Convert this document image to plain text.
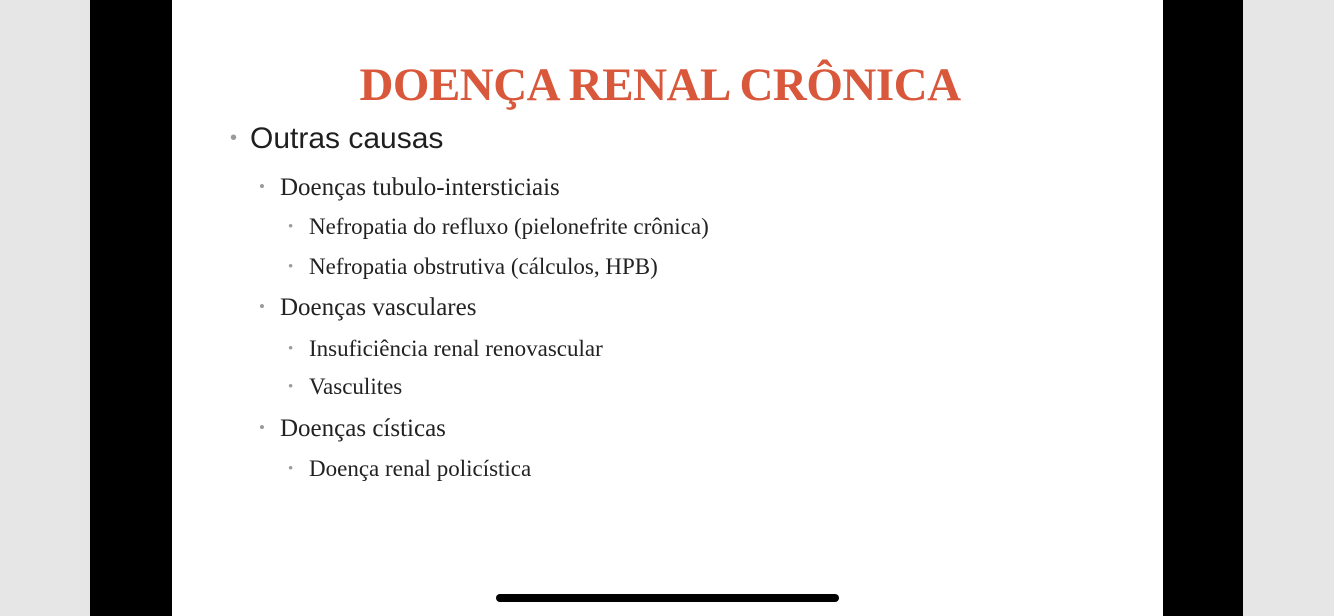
DOENÇA RENAL CRÔNICA
• Outras causas
• Doenças tubulo-intersticiais
• Nefropatia do refluxo (pielonefrite crônica)
• Nefropatia obstrutiva (cálculos, HPB)
• Doenças vasculares
• Insuficiência renal renovascular
• Vasculites
• Doenças císticas
• Doença renal policística
